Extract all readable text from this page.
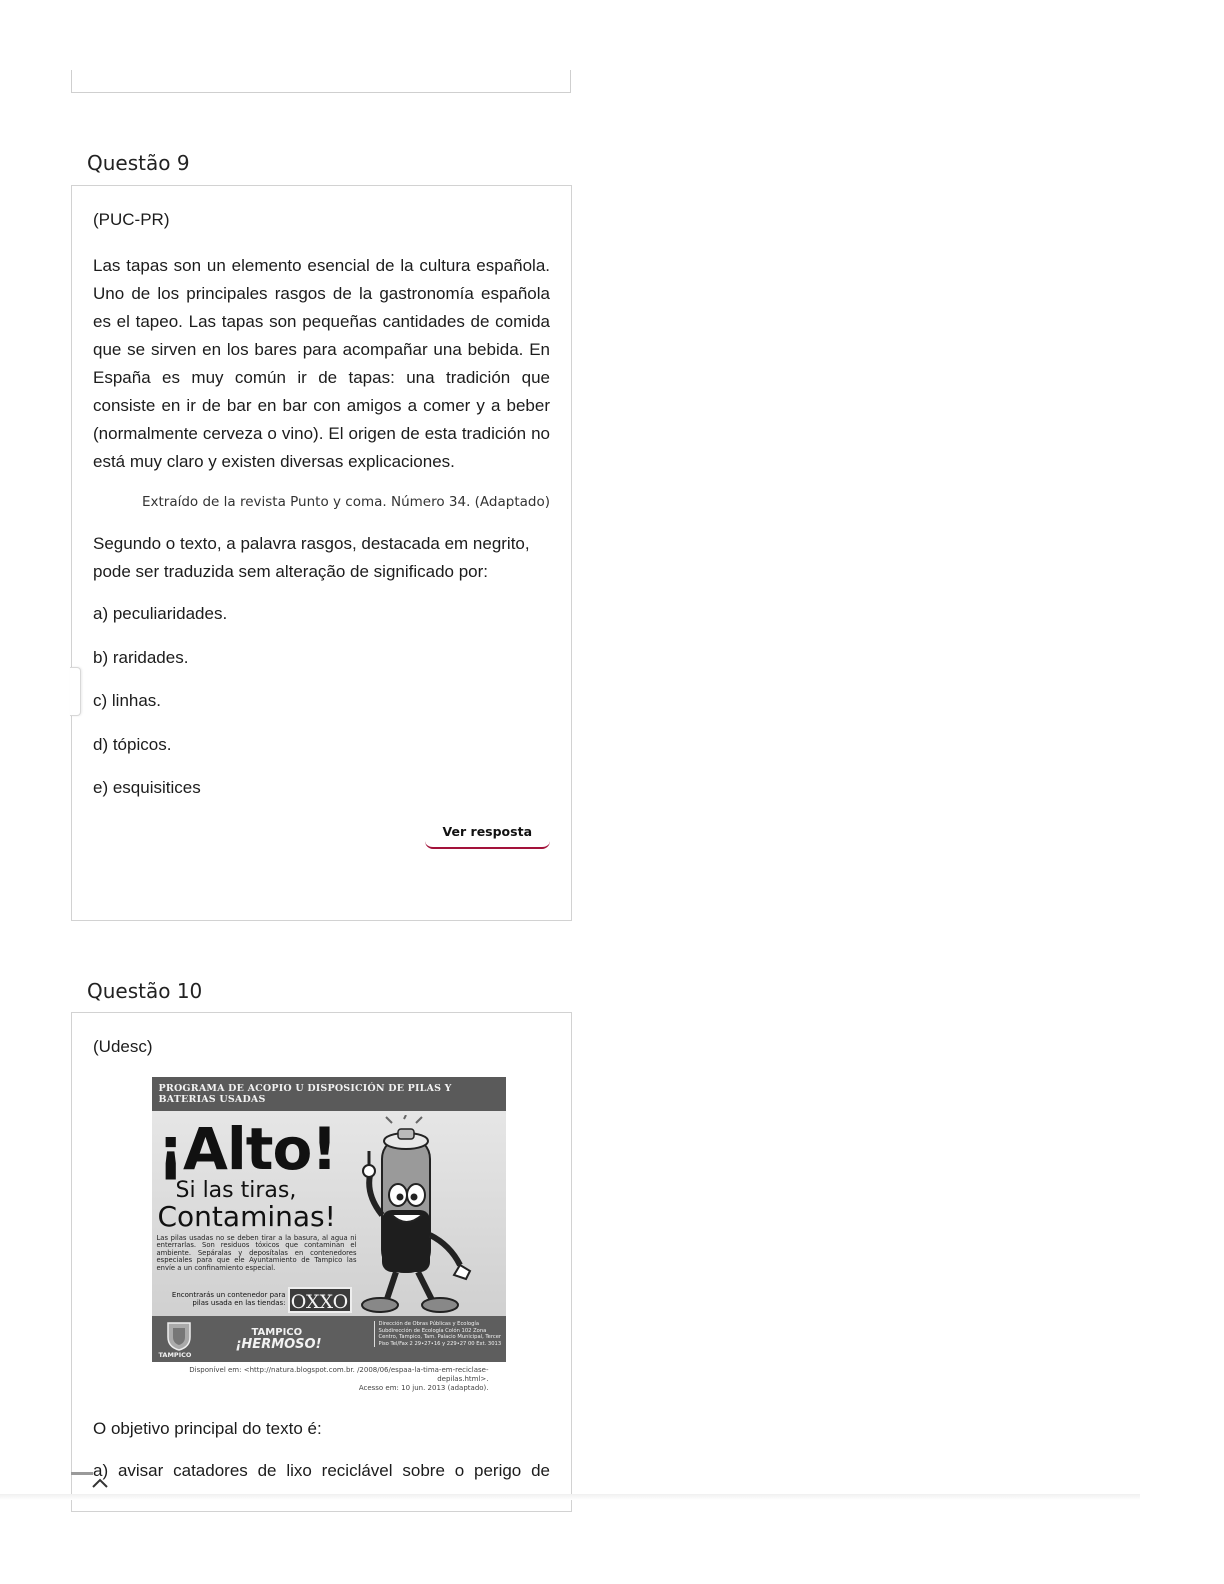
Questão 9

(PUC-PR)

Las tapas son un elemento esencial de la cultura española. Uno de los principales rasgos de la gastronomía española es el tapeo. Las tapas son pequeñas cantidades de comida que se sirven en los bares para acompañar una bebida. En España es muy común ir de tapas: una tradición que consiste en ir de bar en bar con amigos a comer y a beber (normalmente cerveza o vino). El origen de esta tradición no está muy claro y existen diversas explicaciones.

Extraído de la revista Punto y coma. Número 34. (Adaptado)

Segundo o texto, a palavra rasgos, destacada em negrito, pode ser traduzida sem alteração de significado por:

a) peculiaridades.
b) raridades.
c) linhas.
d) tópicos.
e) esquisitices
Ver resposta
Questão 10

(Udesc)

PROGRAMA DE ACOPIO U DISPOSICIÓN DE PILAS Y BATERIAS USADAS
¡Alto!
Si las tiras,
Contaminas!
Las pilas usadas no se deben tirar a la basura, al agua ni enterrarlas. Son residuos tóxicos que contaminan el ambiente. Sepáralas y deposítalas en contenedores especiales para que ele Ayuntamiento de Tampico las envíe a un confinamiento especial.
Encontrarás un contenedor para pilas usada en las tiendas: OXXO
TAMPICO
TAMPICO
¡HERMOSO!
Dirección de Obras Públicas y Ecología Subdirección de Ecología Colón 102 Zona Centro, Tampico, Tam. Palacio Municipal, Tercer Piso Tel/Fax 2 29•27•16 y 229•27 00 Ext. 3013
Disponível em: <http://natura.blogspot.com.br. /2008/06/espaa-la-tima-em-reciclase-depilas.html>.
Acesso em: 10 jun. 2013 (adaptado).

O objetivo principal do texto é:

a) avisar catadores de lixo reciclável sobre o perigo de
